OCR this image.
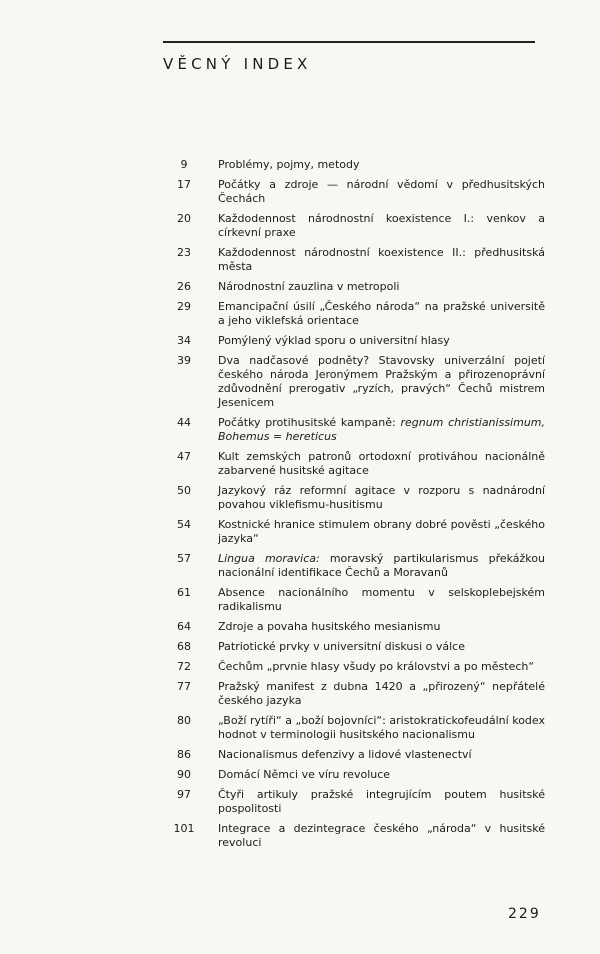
VĚCNÝ INDEX
9	Problémy, pojmy, metody
17	Počátky a zdroje — národní vědomí v předhusitských Čechách
20	Každodennost národnostní koexistence I.: venkov a církevní praxe
23	Každodennost národnostní koexistence II.: předhusitská města
26	Národnostní zauzlina v metropoli
29	Emancipační úsilí „Českého národa“ na pražské universitě a jeho viklefská orientace
34	Pomýlený výklad sporu o universitní hlasy
39	Dva nadčasové podněty? Stavovsky univerzální pojetí českého národa Jeronýmem Pražským a přirozenoprávní zdůvodnění prerogativ „ryzích, pravých“ Čechů mistrem Jesenicem
44	Počátky protihusitské kampaně: regnum christianissimum, Bohemus = hereticus
47	Kult zemských patronů ortodoxní protiváhou nacionálně zabarvené husitské agitace
50	Jazykový ráz reformní agitace v rozporu s nadnárodní povahou viklefismu-husitismu
54	Kostnické hranice stimulem obrany dobré pověsti „českého jazyka“
57	Lingua moravica: moravský partikularismus překážkou nacionální identifikace Čechů a Moravanů
61	Absence nacionálního momentu v selskoplebejském radikalismu
64	Zdroje a povaha husitského mesianismu
68	Patriotické prvky v universitní diskusi o válce
72	Čechům „prvnie hlasy všudy po královstvi a po městech“
77	Pražský manifest z dubna 1420 a „přirozený“ nepřátelé českého jazyka
80	„Boží rytíři“ a „boží bojovníci“: aristokratickofeudální kodex hodnot v terminologii husitského nacionalismu
86	Nacionalismus defenzivy a lidové vlastenectví
90	Domácí Němci ve víru revoluce
97	Čtyři artikuly pražské integrujícím poutem husitské pospolitosti
101	Integrace a dezintegrace českého „národa“ v husitské revoluci
229
